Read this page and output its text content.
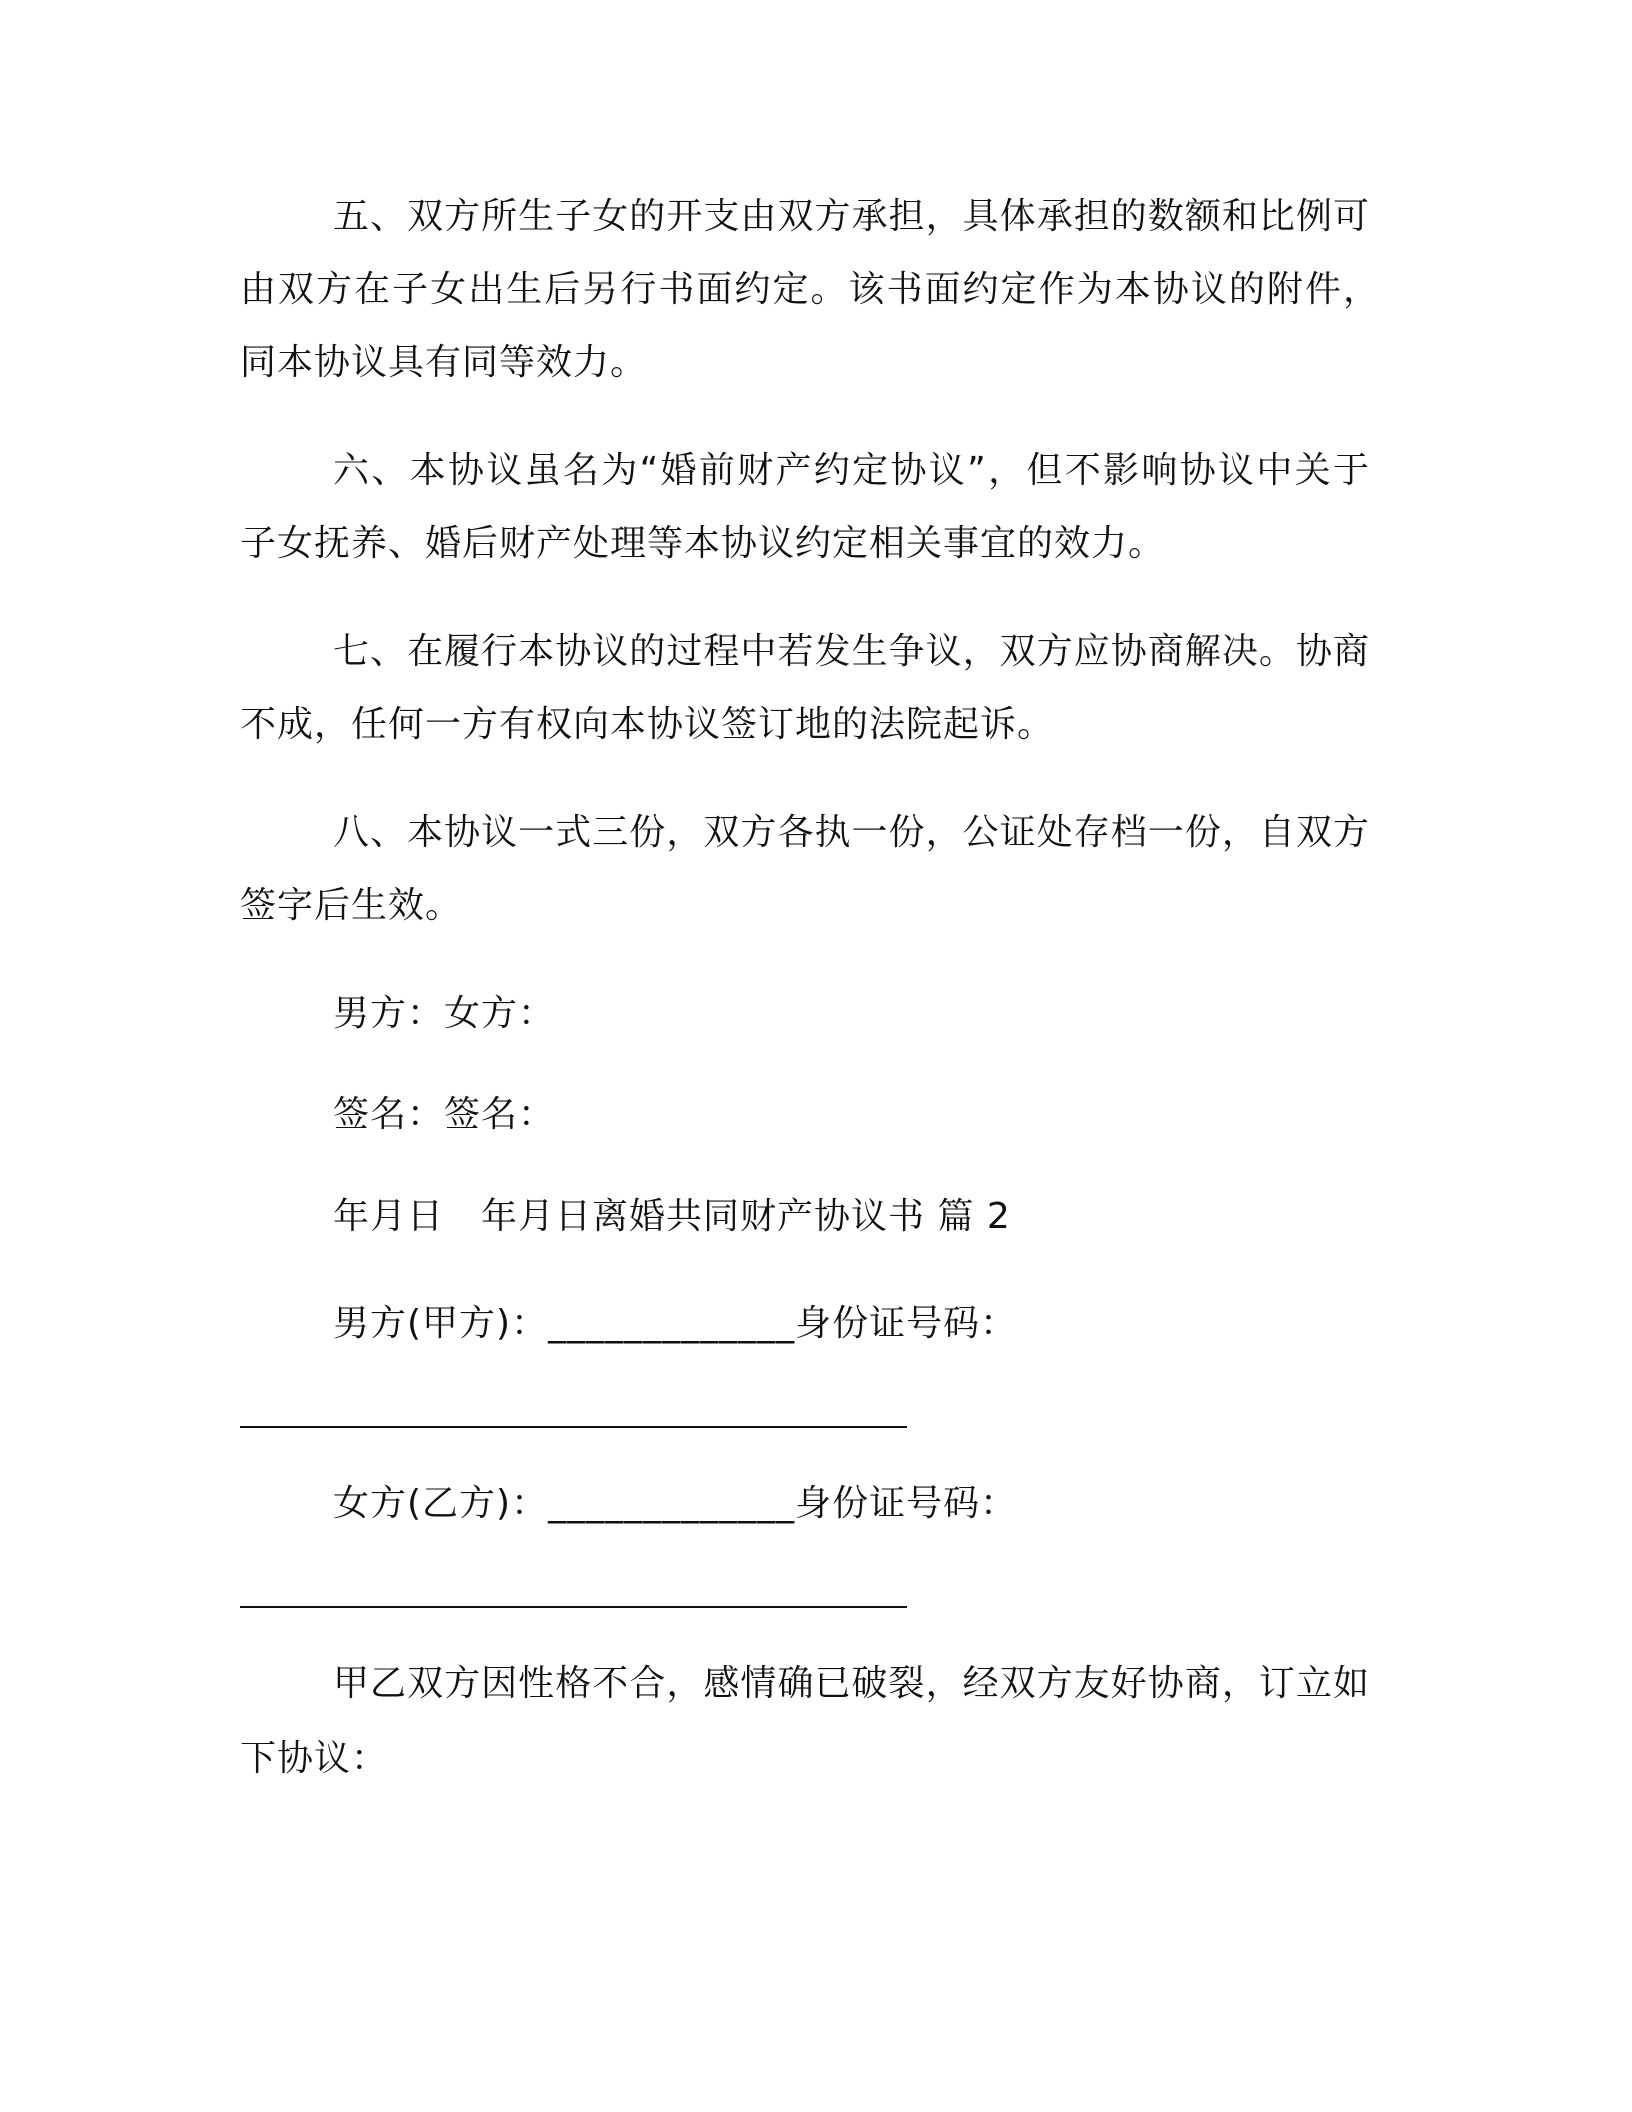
五、双方所生子女的开支由双方承担，具体承担的数额和比例可
由双方在子女出生后另行书面约定。该书面约定作为本协议的附件，
同本协议具有同等效力。
六、本协议虽名为“婚前财产约定协议”，但不影响协议中关于
子女抚养、婚后财产处理等本协议约定相关事宜的效力。
七、在履行本协议的过程中若发生争议，双方应协商解决。协商
不成，任何一方有权向本协议签订地的法院起诉。
八、本协议一式三份，双方各执一份，公证处存档一份，自双方
签字后生效。
男方：女方：
签名：签名：
年月日　年月日离婚共同财产协议书 篇 2
男方(甲方)：_____________身份证号码：
女方(乙方)：_____________身份证号码：
甲乙双方因性格不合，感情确已破裂，经双方友好协商，订立如
下协议：
